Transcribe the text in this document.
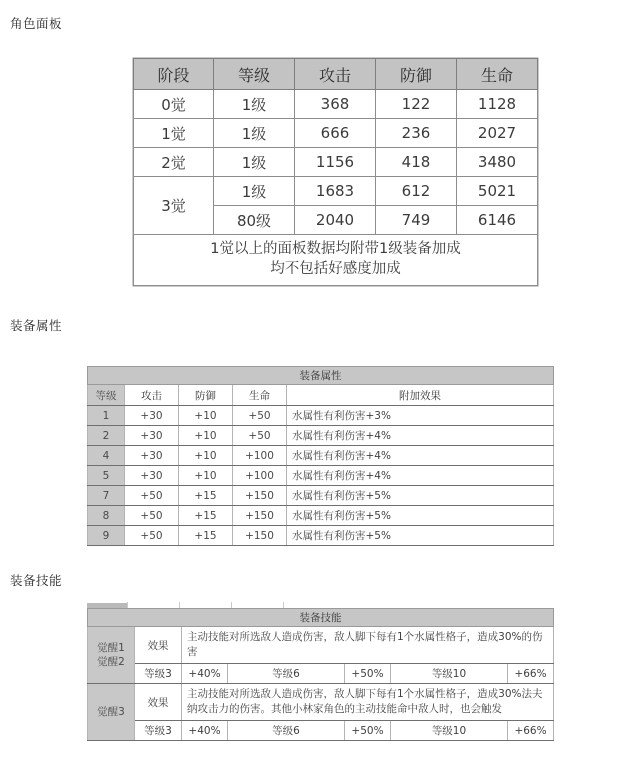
角色面板
装备属性
装备技能
阶段	等级	攻击	防御	生命
0觉	1级	368	122	1128
1觉	1级	666	236	2027
2觉	1级	1156	418	3480
3觉	1级	1683	612	5021
	80级	2040	749	6146

1觉以上的面板数据均附带1级装备加成
均不包括好感度加成				
装备属性				
等级	攻击	防御	生命	附加效果
1	+30	+10	+50	水属性有利伤害+3%
2	+30	+10	+50	水属性有利伤害+4%
4	+30	+10	+100	水属性有利伤害+4%
5	+30	+10	+100	水属性有利伤害+4%
7	+50	+15	+150	水属性有利伤害+5%
8	+50	+15	+150	水属性有利伤害+5%
9	+50	+15	+150	水属性有利伤害+5%
装备技能						

觉醒1
觉醒2	效果	主动技能对所选敌人造成伤害，敌人脚下每有1个水属性格子，造成30%的伤害				
	等级3	+40%	等级6	+50%	等级10	+66%

觉醒3	效果	主动技能对所选敌人造成伤害，敌人脚下每有1个水属性格子，造成30%法夫纳攻击力的伤害。其他小林家角色的主动技能命中敌人时，也会触发				
	等级3	+40%	等级6	+50%	等级10	+66%
